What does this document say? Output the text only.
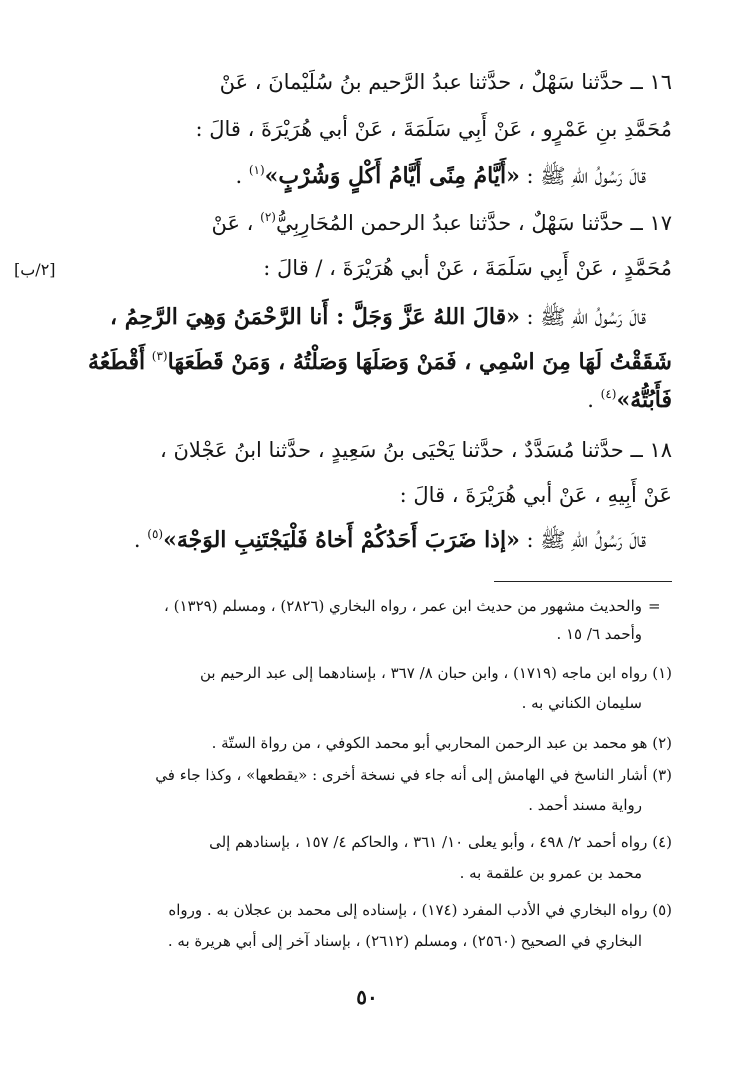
١٦ ــ حدَّثنا سَهْلٌ ، حدَّثنا عبدُ الرَّحيم بنُ سُلَيْمانَ ، عَنْ
مُحَمَّدِ بنِ عَمْرٍو ، عَنْ أَبِي سَلَمَةَ ، عَنْ أبي هُرَيْرَةَ ، قالَ :
قالَ رَسُولُ اللهِ ﷺ : «أَيَّامُ مِنًى أَيَّامُ أَكْلٍ وَشُرْبٍ»$^{(١)}$ .
١٧ ــ حدَّثنا سَهْلٌ ، حدَّثنا عبدُ الرحمن المُحَارِبِيُّ$^{(٢)}$ ، عَنْ
مُحَمَّدٍ ، عَنْ أَبِي سَلَمَةَ ، عَنْ أبي هُرَيْرَةَ ، / قالَ :
[٢/ب]
قالَ رَسُولُ اللهِ ﷺ : «قالَ اللهُ عَزَّ وَجَلَّ : أَنا الرَّحْمَنُ وَهِيَ الرَّحِمُ ،
شَقَقْتُ لَهَا مِنَ اسْمِي ، فَمَنْ وَصَلَهَا وَصَلْتُهُ ، وَمَنْ قَطَعَهَا$^{(٣)}$ أَقْطَعُهُ
فَأَبُتُّهُ»$^{(٤)}$ .
١٨ ــ حدَّثنا مُسَدَّدٌ ، حدَّثنا يَحْيَى بنُ سَعِيدٍ ، حدَّثنا ابنُ عَجْلانَ ،
عَنْ أَبِيهِ ، عَنْ أبي هُرَيْرَةَ ، قالَ :
قالَ رَسُولُ اللهِ ﷺ : «إذا ضَرَبَ أَحَدُكُمْ أَخاهُ فَلْيَجْتَنِبِ الوَجْهَ»$^{(٥)}$ .
=
والحديث مشهور من حديث ابن عمر ، رواه البخاري (٢٨٢٦) ، ومسلم (١٣٢٩) ،
وأحمد ٦/ ١٥ .
(١) رواه ابن ماجه (١٧١٩) ، وابن حبان ٨/ ٣٦٧ ، بإسنادهما إلى عبد الرحيم بن
سليمان الكناني به .
(٢) هو محمد بن عبد الرحمن المحاربي أبو محمد الكوفي ، من رواة الستّة .
(٣) أشار الناسخ في الهامش إلى أنه جاء في نسخة أخرى : «يقطعها» ، وكذا جاء في
رواية مسند أحمد .
(٤) رواه أحمد ٢/ ٤٩٨ ، وأبو يعلى ١٠/ ٣٦١ ، والحاكم ٤/ ١٥٧ ، بإسنادهم إلى
محمد بن عمرو بن علقمة به .
(٥) رواه البخاري في الأدب المفرد (١٧٤) ، بإسناده إلى محمد بن عجلان به . ورواه
البخاري في الصحيح (٢٥٦٠) ، ومسلم (٢٦١٢) ، بإسناد آخر إلى أبي هريرة به .
٥٠
